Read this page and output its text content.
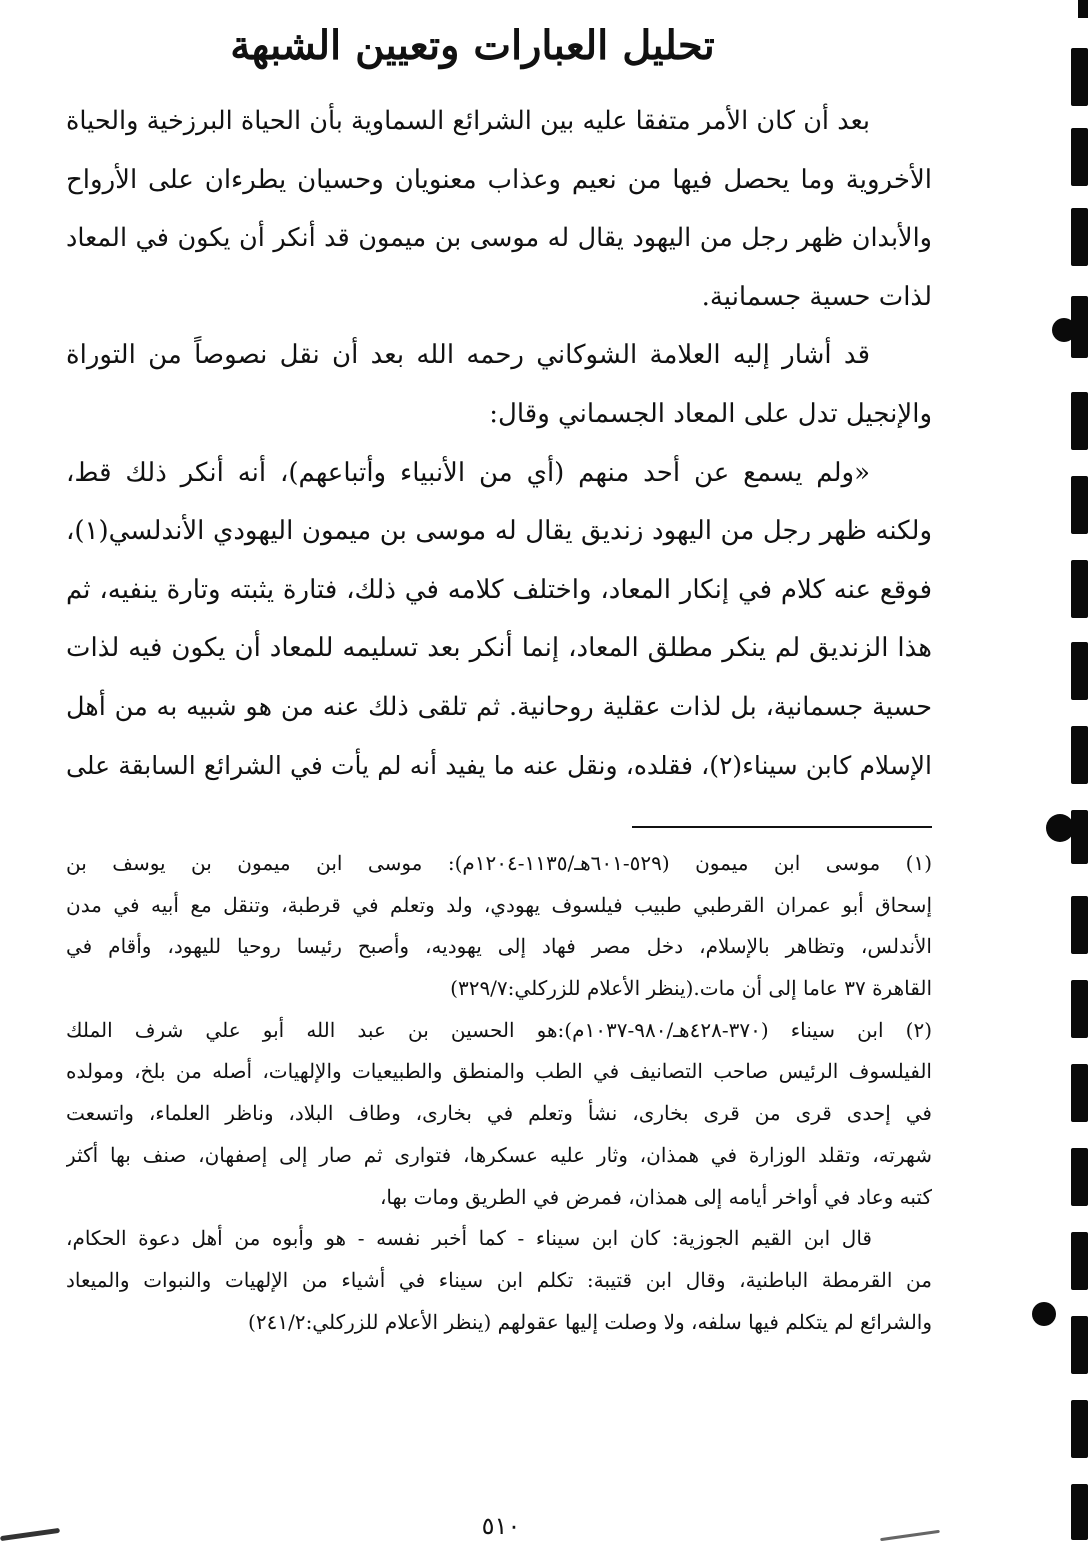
تحليل العبارات وتعيين الشبهة
بعد أن كان الأمر متفقا عليه بين الشرائع السماوية بأن الحياة البرزخية والحياة
الأخروية وما يحصل فيها من نعيم وعذاب معنويان وحسيان يطرءان على الأرواح
والأبدان ظهر رجل من اليهود يقال له موسى بن ميمون قد أنكر أن يكون في المعاد
لذات حسية جسمانية.
قد أشار إليه العلامة الشوكاني رحمه الله بعد أن نقل نصوصاً من التوراة
والإنجيل تدل على المعاد الجسماني وقال:
«ولم يسمع عن أحد منهم (أي من الأنبياء وأتباعهم)، أنه أنكر ذلك قط،
ولكنه ظهر رجل من اليهود زنديق يقال له موسى بن ميمون اليهودي الأندلسي(١)،
فوقع عنه كلام في إنكار المعاد، واختلف كلامه في ذلك، فتارة يثبته وتارة ينفيه، ثم
هذا الزنديق لم ينكر مطلق المعاد، إنما أنكر بعد تسليمه للمعاد أن يكون فيه لذات
حسية جسمانية، بل لذات عقلية روحانية. ثم تلقى ذلك عنه من هو شبيه به من أهل
الإسلام كابن سيناء(٢)، فقلده، ونقل عنه ما يفيد أنه لم يأت في الشرائع السابقة على
(١) موسى ابن ميمون (٥٢٩-٦٠١هـ/١١٣٥-١٢٠٤م): موسى ابن ميمون بن يوسف بن
إسحاق أبو عمران القرطبي طبيب فيلسوف يهودي، ولد وتعلم في قرطبة، وتنقل مع أبيه في مدن
الأندلس، وتظاهر بالإسلام، دخل مصر فهاد إلى يهوديه، وأصبح رئيسا روحيا لليهود، وأقام في
القاهرة ٣٧ عاما إلى أن مات.(ينظر الأعلام للزركلي:٣٢٩/٧)
(٢) ابن سيناء (٣٧٠-٤٢٨هـ/٩٨٠-١٠٣٧م):هو الحسين بن عبد الله أبو علي شرف الملك
الفيلسوف الرئيس صاحب التصانيف في الطب والمنطق والطبيعيات والإلهيات، أصله من بلخ، ومولده
في إحدى قرى من قرى بخارى، نشأ وتعلم في بخارى، وطاف البلاد، وناظر العلماء، واتسعت
شهرته، وتقلد الوزارة في همذان، وثار عليه عسكرها، فتوارى ثم صار إلى إصفهان، صنف بها أكثر
كتبه وعاد في أواخر أيامه إلى همذان، فمرض في الطريق ومات بها،
قال ابن القيم الجوزية: كان ابن سيناء - كما أخبر نفسه - هو وأبوه من أهل دعوة الحكام،
من القرمطة الباطنية، وقال ابن قتيبة: تكلم ابن سيناء في أشياء من الإلهيات والنبوات والميعاد
والشرائع لم يتكلم فيها سلفه، ولا وصلت إليها عقولهم (ينظر الأعلام للزركلي:٢٤١/٢)
٥١٠
